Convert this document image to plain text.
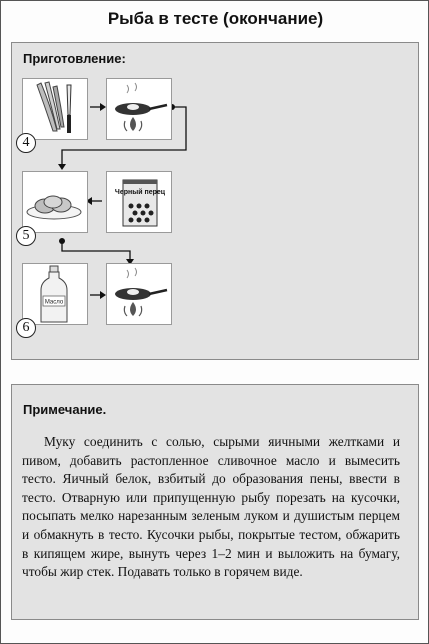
Рыба в тесте (окончание)
Приготовление:
4
Черный перец
5
Масло
6
Примечание.

Муку соединить с солью, сырыми яичными желтками и пивом, добавить растопленное сливочное масло и вымесить тесто. Яичный белок, взбитый до образования пены, ввести в тесто. Отварную или припущенную рыбу порезать на кусочки, посыпать мелко нарезанным зеленым луком и душистым перцем и обмакнуть в тесто. Кусочки рыбы, покрытые тестом, обжарить в кипящем жире, вынуть через 1–2 мин и выложить на бумагу, чтобы жир стек. Подавать только в горячем виде.
